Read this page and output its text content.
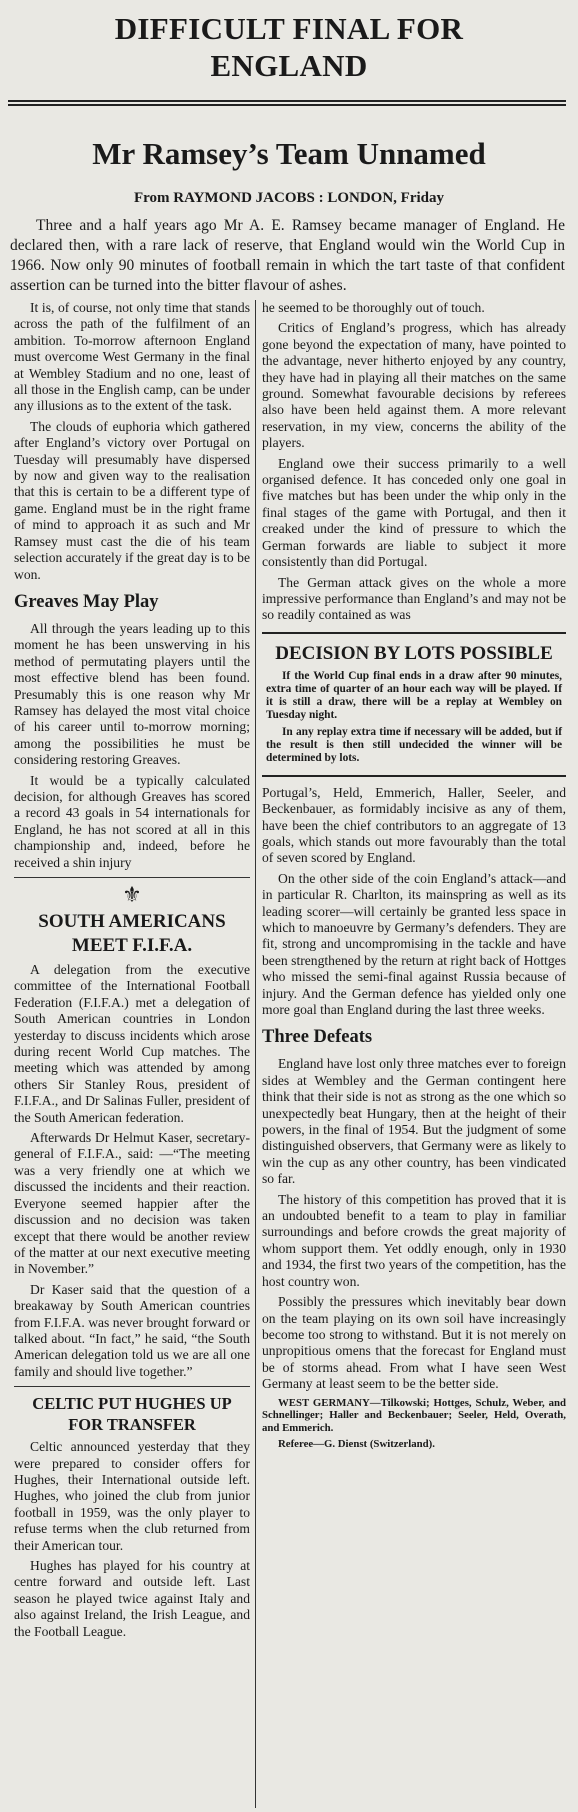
DIFFICULT FINAL FOR
ENGLAND
Mr Ramsey’s Team Unnamed
From RAYMOND JACOBS : LONDON, Friday
Three and a half years ago Mr A. E. Ramsey became manager of England. He declared then, with a rare lack of reserve, that England would win the World Cup in 1966. Now only 90 minutes of football remain in which the tart taste of that confident assertion can be turned into the bitter flavour of ashes.

It is, of course, not only time that stands across the path of the fulfilment of an ambition. To-morrow afternoon England must overcome West Germany in the final at Wembley Stadium and no one, least of all those in the English camp, can be under any illusions as to the extent of the task.

The clouds of euphoria which gathered after England’s victory over Portugal on Tuesday will presumably have dispersed by now and given way to the realisation that this is certain to be a different type of game. England must be in the right frame of mind to approach it as such and Mr Ramsey must cast the die of his team selection accurately if the great day is to be won.

Greaves May Play

All through the years leading up to this moment he has been unswerving in his method of permutating players until the most effective blend has been found. Presumably this is one reason why Mr Ramsey has delayed the most vital choice of his career until to-morrow morning; among the possibilities he must be considering restoring Greaves.

It would be a typically calculated decision, for although Greaves has scored a record 43 goals in 54 internationals for England, he has not scored at all in this championship and, indeed, before he received a shin injury

⚜
SOUTH AMERICANS MEET F.I.F.A.

A delegation from the executive committee of the International Football Federation (F.I.F.A.) met a delegation of South American countries in London yesterday to discuss incidents which arose during recent World Cup matches. The meeting which was attended by among others Sir Stanley Rous, president of F.I.F.A., and Dr Salinas Fuller, president of the South American federation.

Afterwards Dr Helmut Kaser, secretary-general of F.I.F.A., said: —“The meeting was a very friendly one at which we discussed the incidents and their reaction. Everyone seemed happier after the discussion and no decision was taken except that there would be another review of the matter at our next executive meeting in November.”

Dr Kaser said that the question of a breakaway by South American countries from F.I.F.A. was never brought forward or talked about. “In fact,” he said, “the South American delegation told us we are all one family and should live together.”

CELTIC PUT HUGHES UP FOR TRANSFER

Celtic announced yesterday that they were prepared to consider offers for Hughes, their International outside left. Hughes, who joined the club from junior football in 1959, was the only player to refuse terms when the club returned from their American tour.

Hughes has played for his country at centre forward and outside left. Last season he played twice against Italy and also against Ireland, the Irish League, and the Football League.

he seemed to be thoroughly out of touch.

Critics of England’s progress, which has already gone beyond the expectation of many, have pointed to the advantage, never hitherto enjoyed by any country, they have had in playing all their matches on the same ground. Somewhat favourable decisions by referees also have been held against them. A more relevant reservation, in my view, concerns the ability of the players.

England owe their success primarily to a well organised defence. It has conceded only one goal in five matches but has been under the whip only in the final stages of the game with Portugal, and then it creaked under the kind of pressure to which the German forwards are liable to subject it more consistently than did Portugal.

The German attack gives on the whole a more impressive performance than England’s and may not be so readily contained as was

DECISION BY LOTS POSSIBLE

If the World Cup final ends in a draw after 90 minutes, extra time of quarter of an hour each way will be played. If it is still a draw, there will be a replay at Wembley on Tuesday night.

In any replay extra time if necessary will be added, but if the result is then still undecided the winner will be determined by lots.

Portugal’s, Held, Emmerich, Haller, Seeler, and Beckenbauer, as formidably incisive as any of them, have been the chief contributors to an aggregate of 13 goals, which stands out more favourably than the total of seven scored by England.

On the other side of the coin England’s attack—and in particular R. Charlton, its mainspring as well as its leading scorer—will certainly be granted less space in which to manoeuvre by Germany’s defenders. They are fit, strong and uncompromising in the tackle and have been strengthened by the return at right back of Hottges who missed the semi-final against Russia because of injury. And the German defence has yielded only one more goal than England during the last three weeks.

Three Defeats

England have lost only three matches ever to foreign sides at Wembley and the German contingent here think that their side is not as strong as the one which so unexpectedly beat Hungary, then at the height of their powers, in the final of 1954. But the judgment of some distinguished observers, that Germany were as likely to win the cup as any other country, has been vindicated so far.

The history of this competition has proved that it is an undoubted benefit to a team to play in familiar surroundings and before crowds the great majority of whom support them. Yet oddly enough, only in 1930 and 1934, the first two years of the competition, has the host country won.

Possibly the pressures which inevitably bear down on the team playing on its own soil have increasingly become too strong to withstand. But it is not merely on unpropitious omens that the forecast for England must be of storms ahead. From what I have seen West Germany at least seem to be the better side.

WEST GERMANY—Tilkowski; Hottges, Schulz, Weber, and Schnellinger; Haller and Beckenbauer; Seeler, Held, Overath, and Emmerich.

Referee—G. Dienst (Switzerland).
